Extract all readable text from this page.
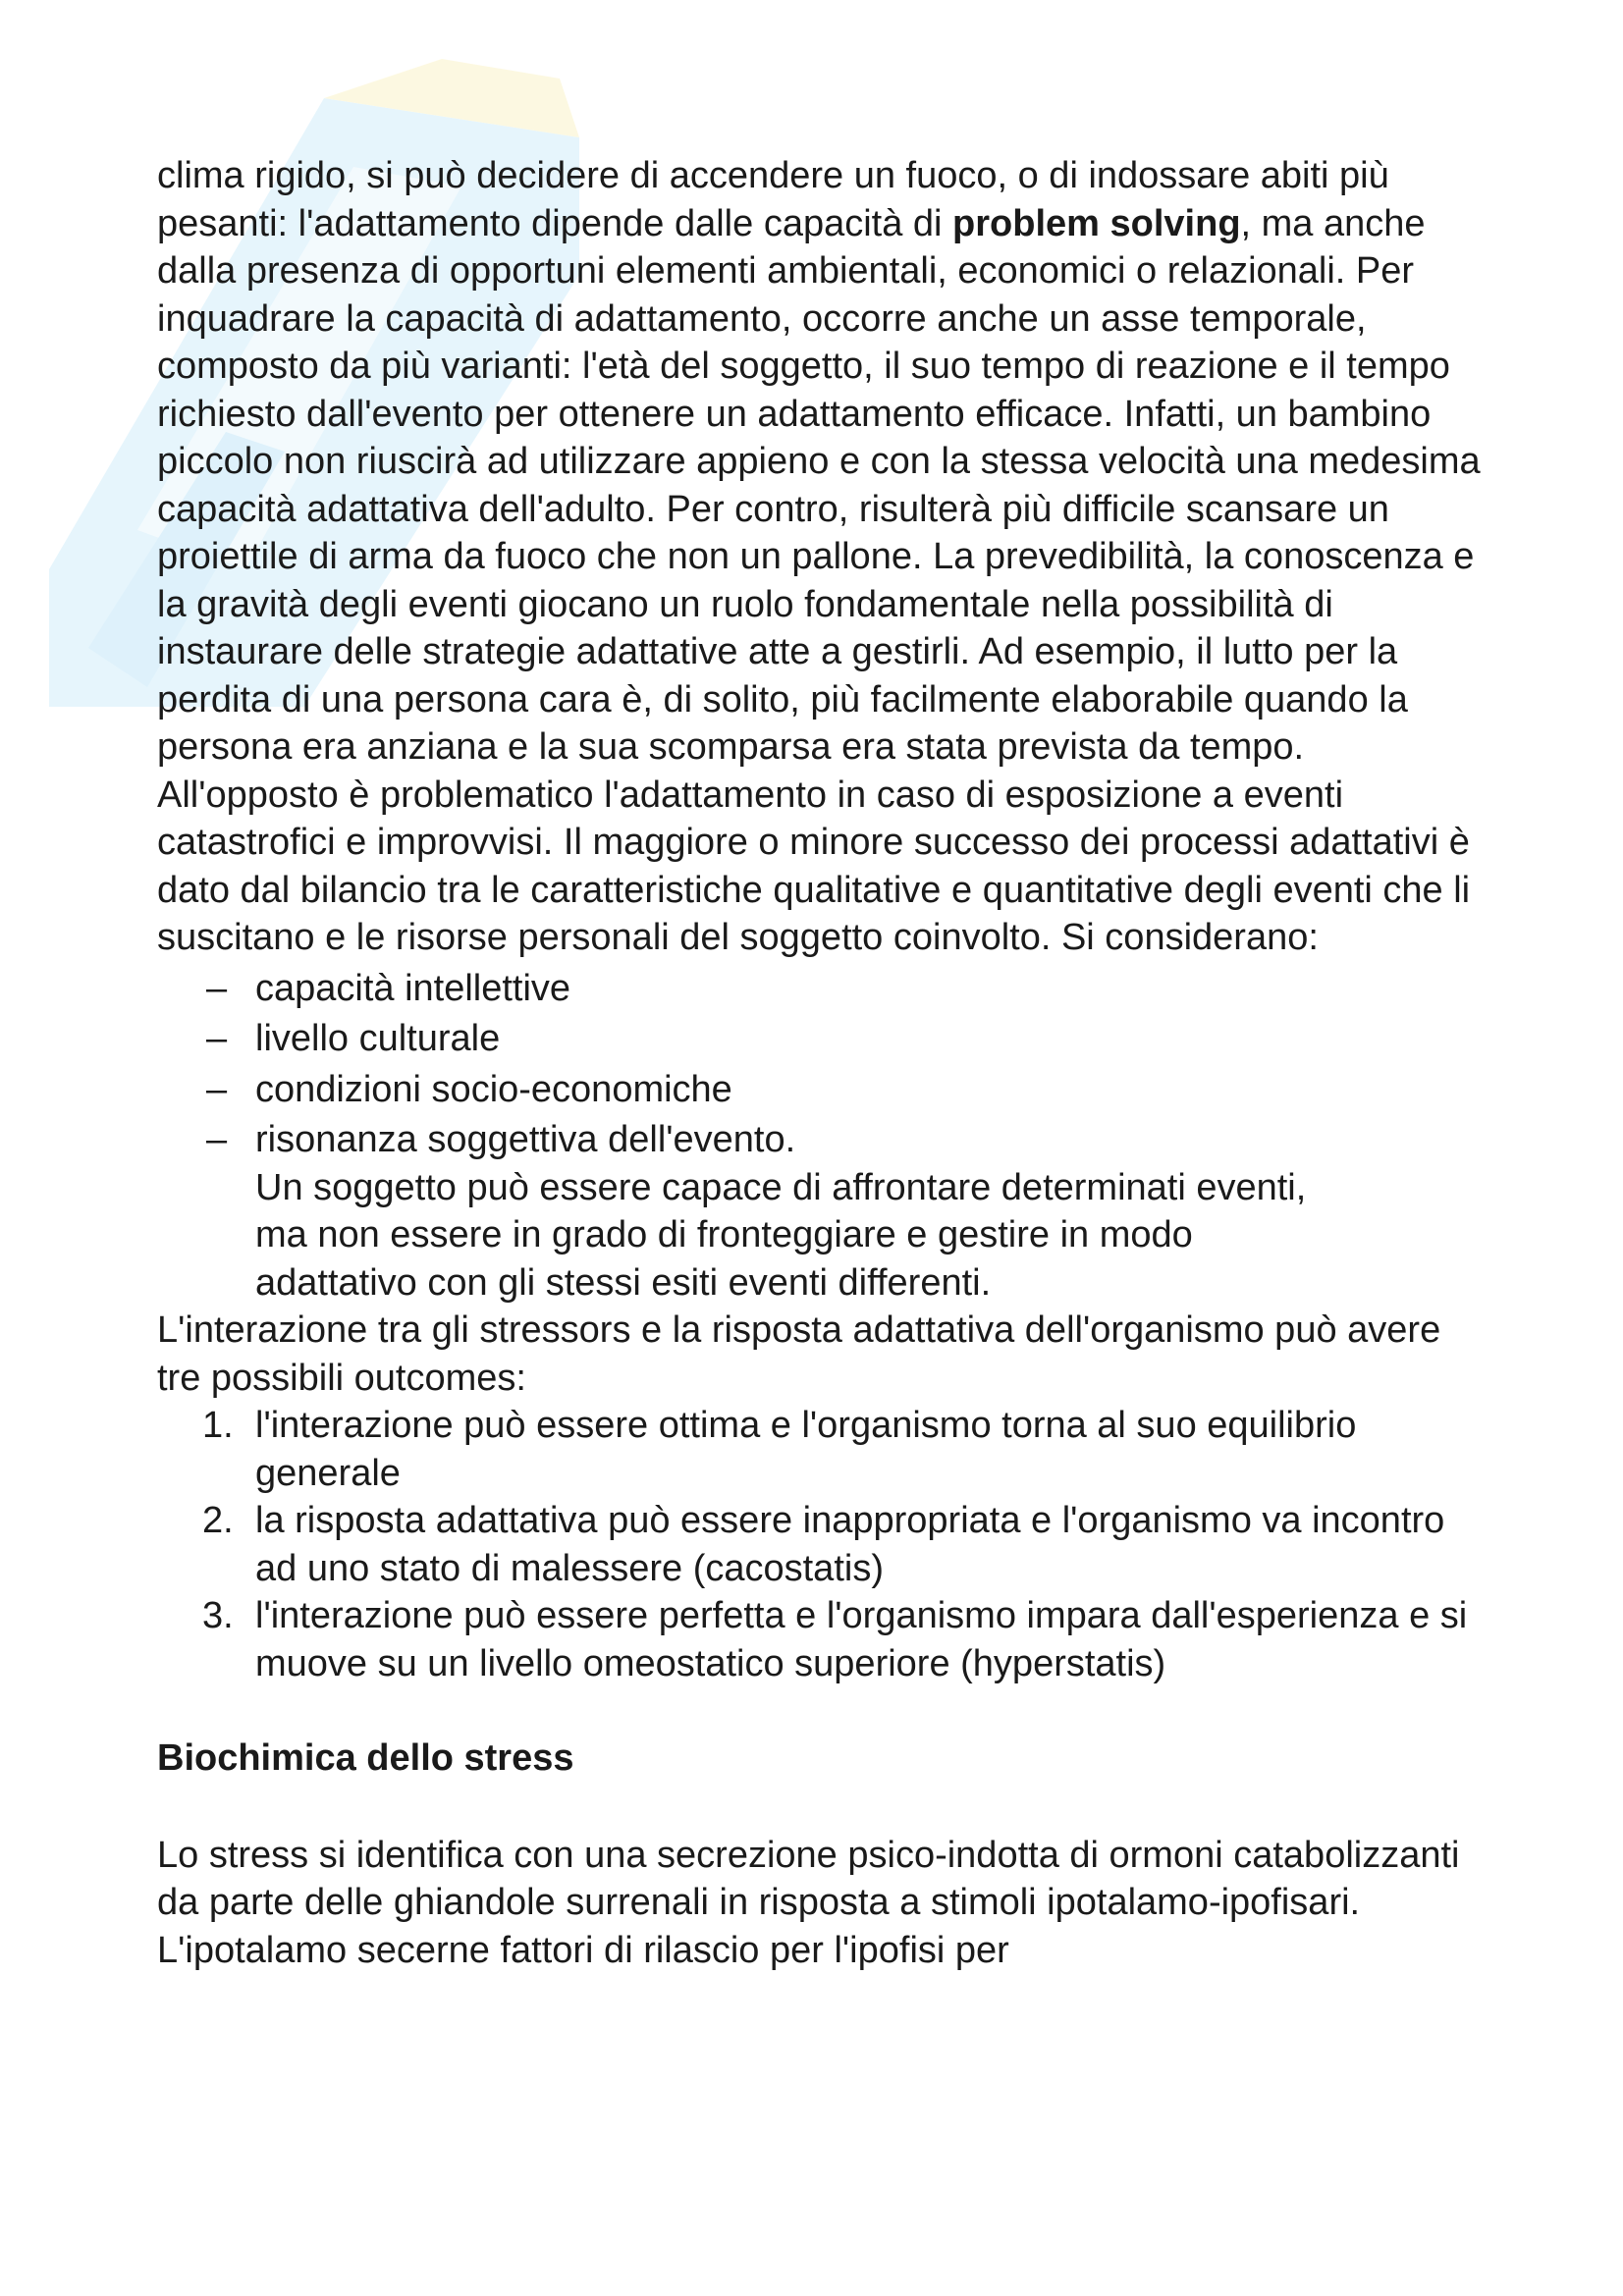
clima rigido, si può decidere di accendere un fuoco, o di indossare abiti più pesanti: l'adattamento dipende dalle capacità di problem solving, ma anche dalla presenza di opportuni elementi ambientali, economici o relazionali. Per inquadrare la capacità di adattamento, occorre anche un asse temporale, composto da più varianti: l'età del soggetto, il suo tempo di reazione e il tempo richiesto dall'evento per ottenere un adattamento efficace. Infatti, un bambino piccolo non riuscirà ad utilizzare appieno e con la stessa velocità una medesima capacità adattativa dell'adulto. Per contro, risulterà più difficile scansare un proiettile di arma da fuoco che non un pallone. La prevedibilità, la conoscenza e la gravità degli eventi giocano un ruolo fondamentale nella possibilità di instaurare delle strategie adattative atte a gestirli. Ad esempio, il lutto per la perdita di una persona cara è, di solito, più facilmente elaborabile quando la persona era anziana e la sua scomparsa era stata prevista da tempo. All'opposto è problematico l'adattamento in caso di esposizione a eventi catastrofici e improvvisi. Il maggiore o minore successo dei processi adattativi è dato dal bilancio tra le caratteristiche qualitative e quantitative degli eventi che li suscitano e le risorse personali del soggetto coinvolto. Si considerano:

– capacità intellettive
– livello culturale
– condizioni socio-economiche
– risonanza soggettiva dell'evento.
Un soggetto può essere capace di affrontare determinati eventi,
ma non essere in grado di fronteggiare e gestire in modo
adattativo con gli stessi esiti eventi differenti.

L'interazione tra gli stressors e la risposta adattativa dell'organismo può avere tre possibili outcomes:

1. l'interazione può essere ottima e l'organismo torna al suo equilibrio generale
2. la risposta adattativa può essere inappropriata e l'organismo va incontro ad uno stato di malessere (cacostatis)
3. l'interazione può essere perfetta e l'organismo impara dall'esperienza e si muove su un livello omeostatico superiore (hyperstatis)

Biochimica dello stress

Lo stress si identifica con una secrezione psico-indotta di ormoni catabolizzanti da parte delle ghiandole surrenali in risposta a stimoli ipotalamo-ipofisari. L'ipotalamo secerne fattori di rilascio per l'ipofisi per
